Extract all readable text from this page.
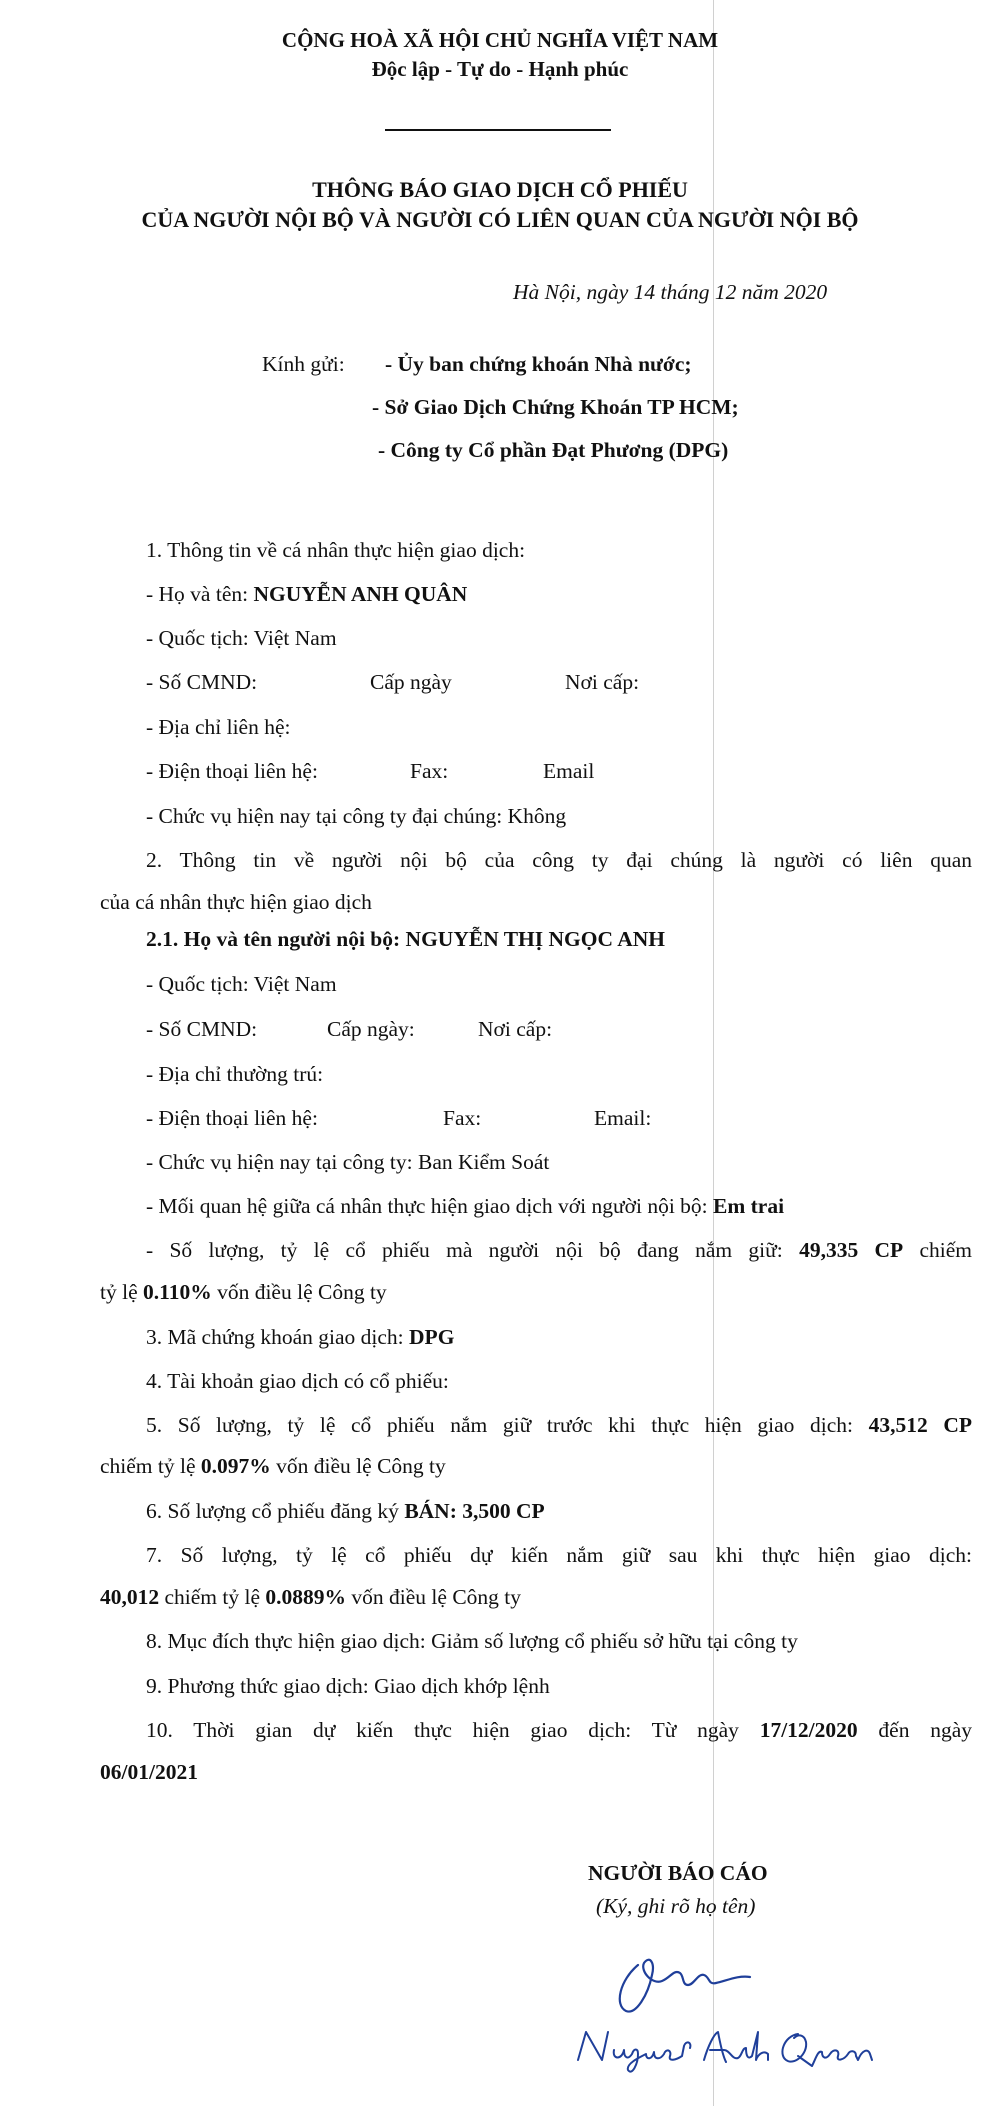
CỘNG HOÀ XÃ HỘI CHỦ NGHĨA VIỆT NAM
Độc lập - Tự do - Hạnh phúc
THÔNG BÁO GIAO DỊCH CỔ PHIẾU
CỦA NGƯỜI NỘI BỘ VÀ NGƯỜI CÓ LIÊN QUAN CỦA NGƯỜI NỘI BỘ
Hà Nội, ngày 14 tháng 12 năm 2020
Kính gửi: - Ủy ban chứng khoán Nhà nước;
- Sở Giao Dịch Chứng Khoán TP HCM;
- Công ty Cổ phần Đạt Phương (DPG)
1. Thông tin về cá nhân thực hiện giao dịch:
- Họ và tên: NGUYỄN ANH QUÂN
- Quốc tịch: Việt Nam
- Số CMND:	Cấp ngày	Nơi cấp:
- Địa chỉ liên hệ:
- Điện thoại liên hệ:	Fax:	Email
- Chức vụ hiện nay tại công ty đại chúng: Không
2. Thông tin về người nội bộ của công ty đại chúng là người có liên quan
của cá nhân thực hiện giao dịch
2.1. Họ và tên người nội bộ: NGUYỄN THỊ NGỌC ANH
- Quốc tịch: Việt Nam
- Số CMND:	Cấp ngày:	Nơi cấp:
- Địa chỉ thường trú:
- Điện thoại liên hệ:	Fax:	Email:
- Chức vụ hiện nay tại công ty: Ban Kiểm Soát
- Mối quan hệ giữa cá nhân thực hiện giao dịch với người nội bộ: Em trai
- Số lượng, tỷ lệ cổ phiếu mà người nội bộ đang nắm giữ: 49,335 CP chiếm
tỷ lệ 0.110% vốn điều lệ Công ty
3. Mã chứng khoán giao dịch: DPG
4. Tài khoản giao dịch có cổ phiếu:
5. Số lượng, tỷ lệ cổ phiếu nắm giữ trước khi thực hiện giao dịch: 43,512 CP
chiếm tỷ lệ 0.097% vốn điều lệ Công ty
6. Số lượng cổ phiếu đăng ký BÁN: 3,500 CP
7. Số lượng, tỷ lệ cổ phiếu dự kiến nắm giữ sau khi thực hiện giao dịch:
40,012 chiếm tỷ lệ 0.0889% vốn điều lệ Công ty
8. Mục đích thực hiện giao dịch: Giảm số lượng cổ phiếu sở hữu tại công ty
9. Phương thức giao dịch: Giao dịch khớp lệnh
10. Thời gian dự kiến thực hiện giao dịch: Từ ngày 17/12/2020 đến ngày
06/01/2021
NGƯỜI BÁO CÁO
(Ký, ghi rõ họ tên)
